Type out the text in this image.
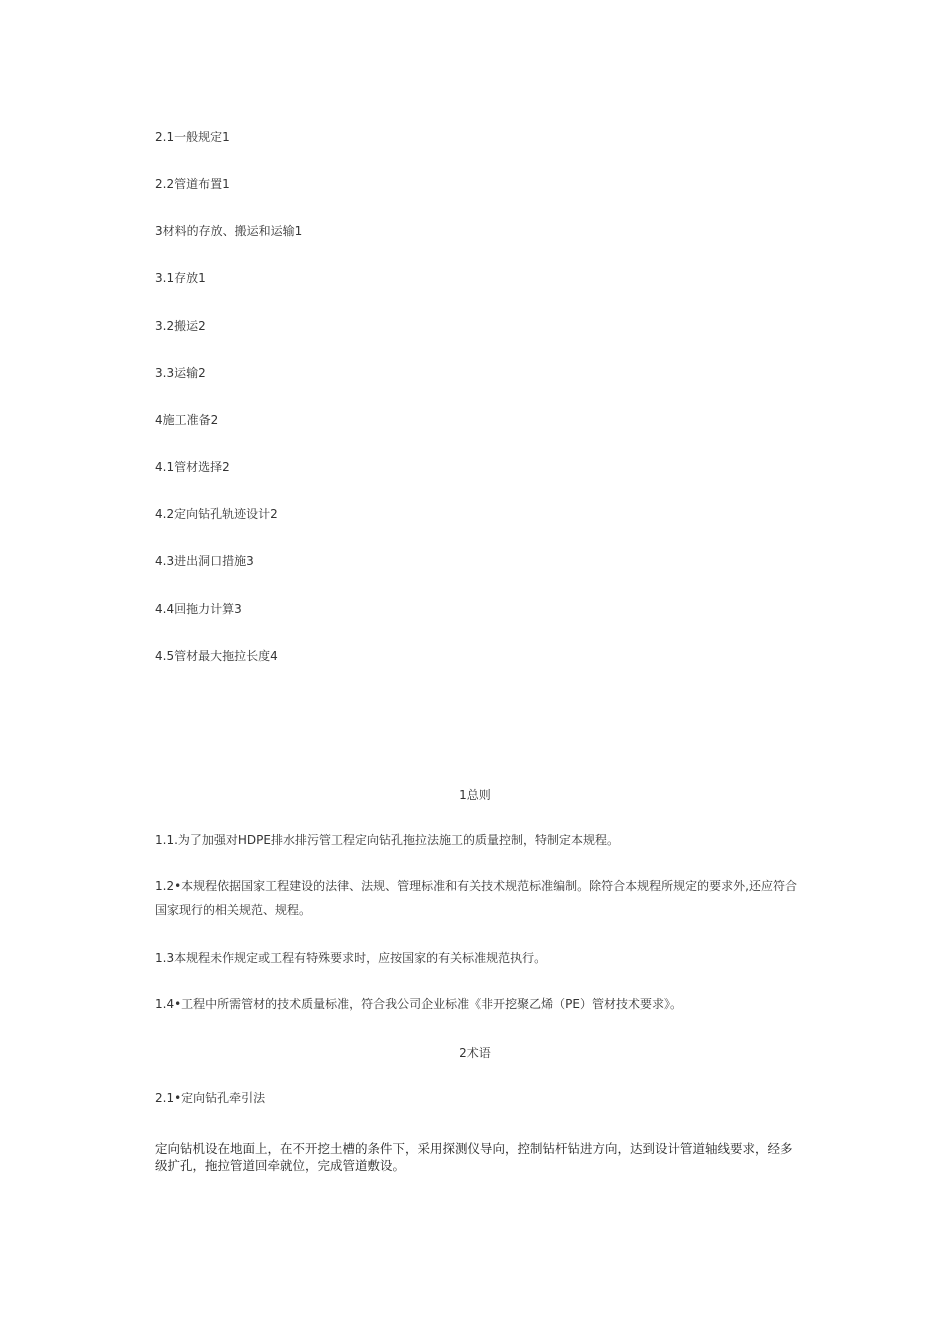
2.1一般规定1
2.2管道布置1
3材料的存放、搬运和运输1
3.1存放1
3.2搬运2
3.3运输2
4施工准备2
4.1管材选择2
4.2定向钻孔轨迹设计2
4.3进出洞口措施3
4.4回拖力计算3
4.5管材最大拖拉长度4
1总则
1.1.为了加强对HDPE排水排污管工程定向钻孔拖拉法施工的质量控制，特制定本规程。
1.2•本规程依据国家工程建设的法律、法规、管理标准和有关技术规范标准编制。除符合本规程所规定的要求外,还应符合国家现行的相关规范、规程。
1.3本规程未作规定或工程有特殊要求时，应按国家的有关标准规范执行。
1.4•工程中所需管材的技术质量标准，符合我公司企业标准《非开挖聚乙烯（PE）管材技术要求》。
2术语
2.1•定向钻孔牵引法
定向钻机设在地面上，在不开挖土槽的条件下，采用探测仪导向，控制钻杆钻进方向，达到设计管道轴线要求，经多级扩孔，拖拉管道回牵就位，完成管道敷设。
